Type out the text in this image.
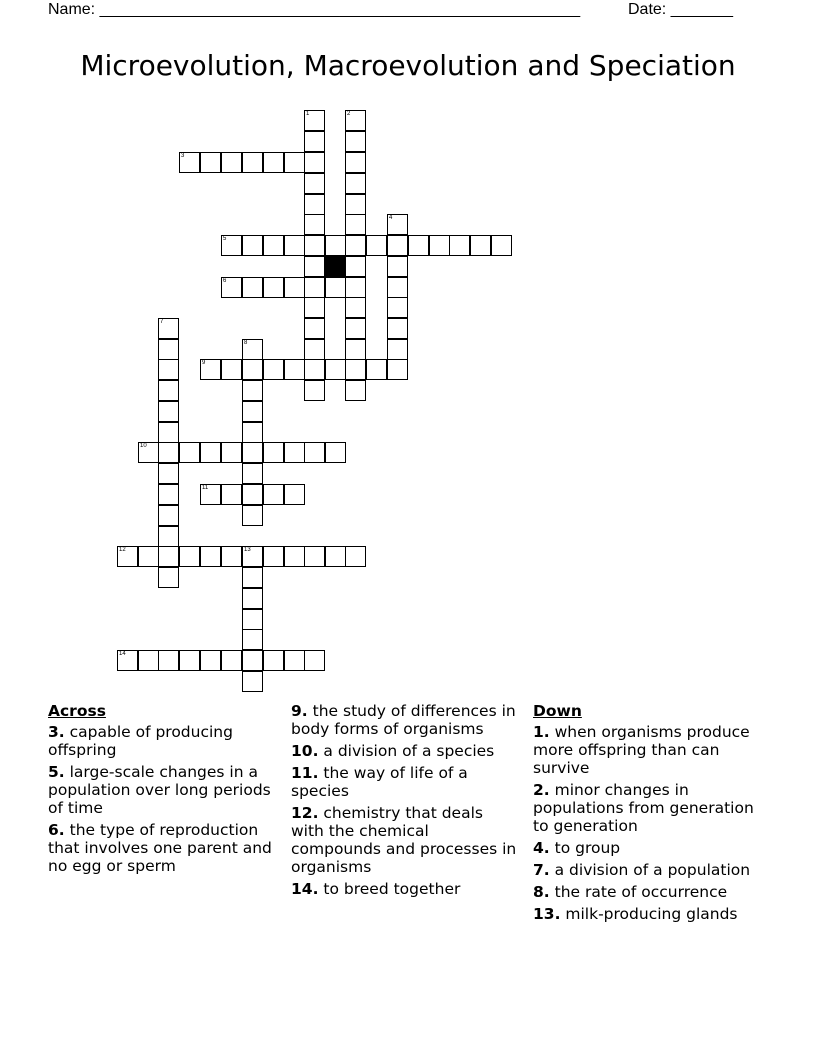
Name: ______________________________________________________	Date: _______
Microevolution, Macroevolution and Speciation
1	2
3
4
5
6
7
8
9
10
11
12	13
14
Across
3. capable of producing offspring
5. large-scale changes in a population over long periods of time
6. the type of reproduction that involves one parent and no egg or sperm
9. the study of differences in body forms of organisms
10. a division of a species
11. the way of life of a species
12. chemistry that deals with the chemical compounds and processes in organisms
14. to breed together
Down
1. when organisms produce more offspring than can survive
2. minor changes in populations from generation to generation
4. to group
7. a division of a population
8. the rate of occurrence
13. milk-producing glands
